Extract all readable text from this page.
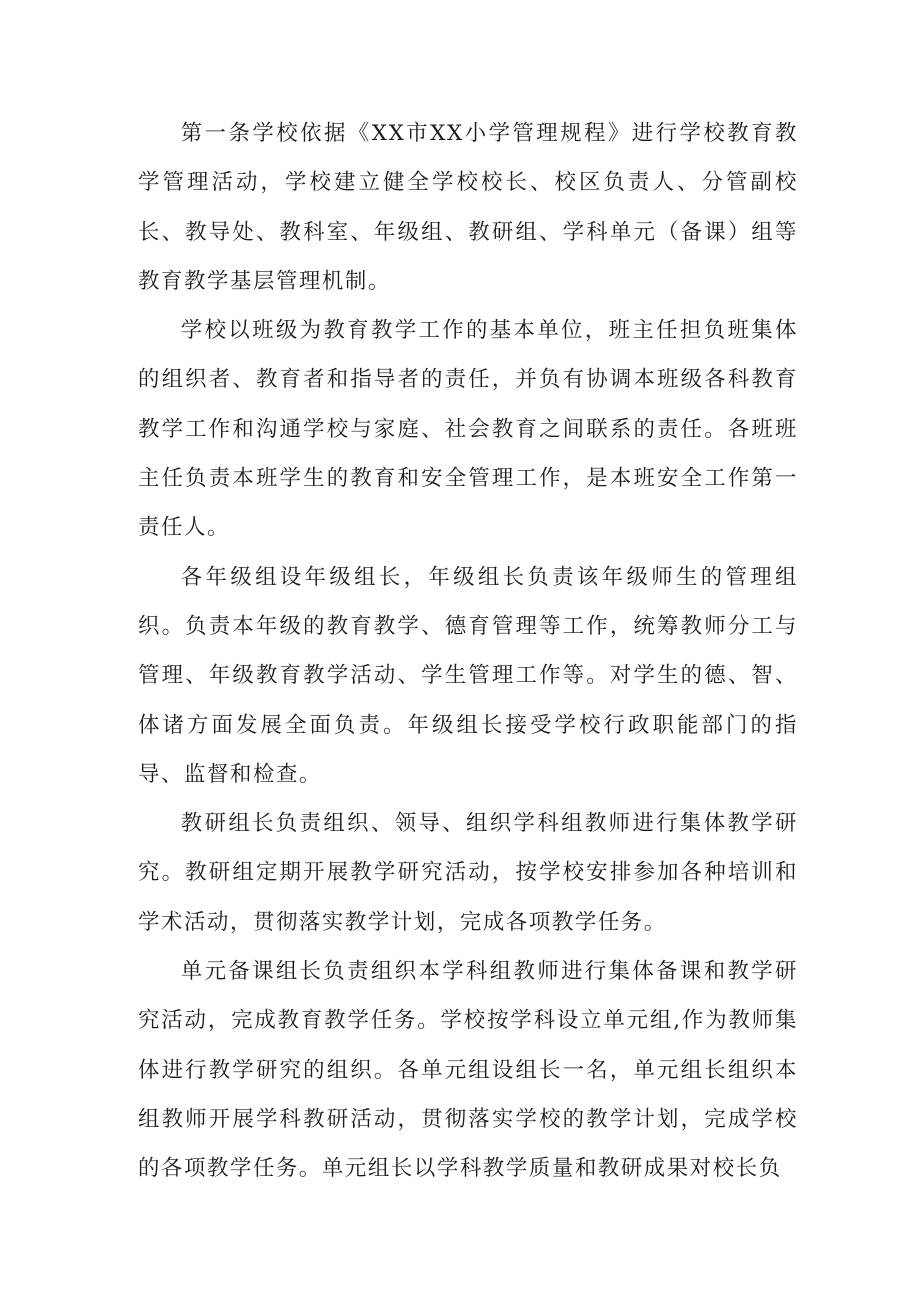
第一条学校依据《XX市XX小学管理规程》进行学校教育教学管理活动，学校建立健全学校校长、校区负责人、分管副校长、教导处、教科室、年级组、教研组、学科单元（备课）组等教育教学基层管理机制。

学校以班级为教育教学工作的基本单位，班主任担负班集体的组织者、教育者和指导者的责任，并负有协调本班级各科教育教学工作和沟通学校与家庭、社会教育之间联系的责任。各班班主任负责本班学生的教育和安全管理工作，是本班安全工作第一责任人。

各年级组设年级组长，年级组长负责该年级师生的管理组织。负责本年级的教育教学、德育管理等工作，统筹教师分工与管理、年级教育教学活动、学生管理工作等。对学生的德、智、体诸方面发展全面负责。年级组长接受学校行政职能部门的指导、监督和检查。

教研组长负责组织、领导、组织学科组教师进行集体教学研究。教研组定期开展教学研究活动，按学校安排参加各种培训和学术活动，贯彻落实教学计划，完成各项教学任务。

单元备课组长负责组织本学科组教师进行集体备课和教学研究活动，完成教育教学任务。学校按学科设立单元组,作为教师集体进行教学研究的组织。各单元组设组长一名，单元组长组织本组教师开展学科教研活动，贯彻落实学校的教学计划，完成学校的各项教学任务。单元组长以学科教学质量和教研成果对校长负
